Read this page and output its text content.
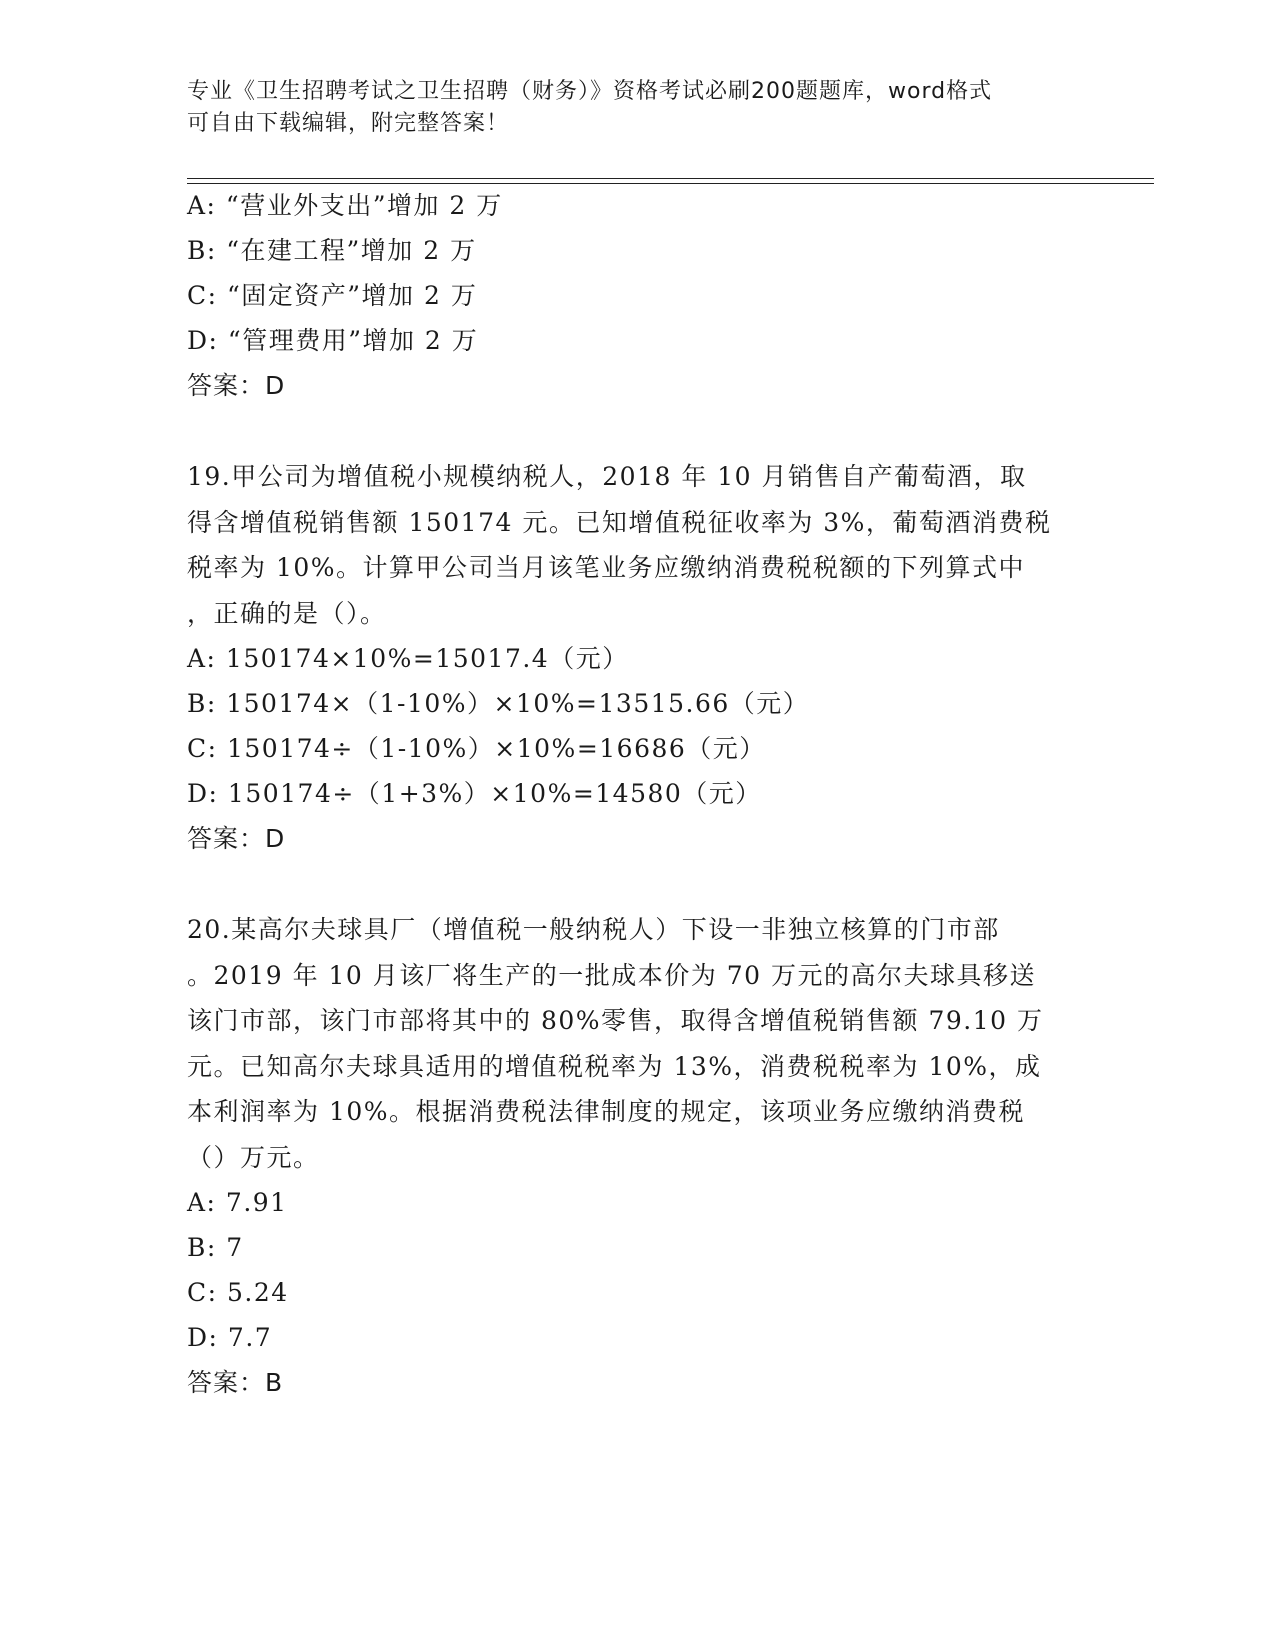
专业《卫生招聘考试之卫生招聘（财务）》资格考试必刷200题题库，word格式
可自由下载编辑，附完整答案！
A: “营业外支出”增加 2 万
B: “在建工程”增加 2 万
C: “固定资产”增加 2 万
D: “管理费用”增加 2 万
答案：D
19.甲公司为增值税小规模纳税人，2018 年 10 月销售自产葡萄酒，取
得含增值税销售额 150174 元。已知增值税征收率为 3%，葡萄酒消费税
税率为 10%。计算甲公司当月该笔业务应缴纳消费税税额的下列算式中
，正确的是（）。
A: 150174×10%=15017.4（元）
B: 150174×（1-10%）×10%=13515.66（元）
C: 150174÷（1-10%）×10%=16686（元）
D: 150174÷（1+3%）×10%=14580（元）
答案：D
20.某高尔夫球具厂（增值税一般纳税人）下设一非独立核算的门市部
。2019 年 10 月该厂将生产的一批成本价为 70 万元的高尔夫球具移送
该门市部，该门市部将其中的 80%零售，取得含增值税销售额 79.10 万
元。已知高尔夫球具适用的增值税税率为 13%，消费税税率为 10%，成
本利润率为 10%。根据消费税法律制度的规定，该项业务应缴纳消费税
（）万元。
A: 7.91
B: 7
C: 5.24
D: 7.7
答案：B
